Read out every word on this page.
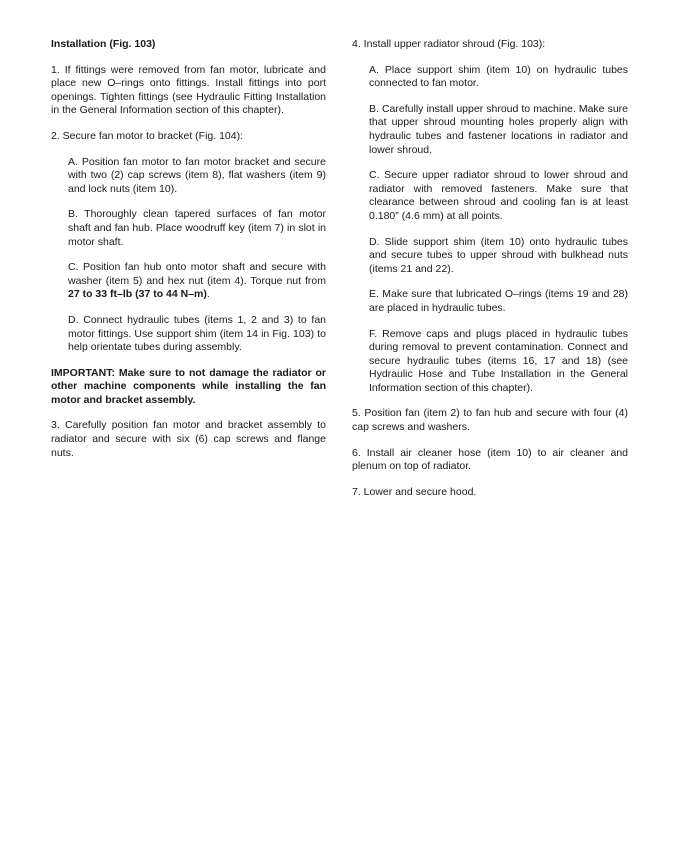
Installation (Fig. 103)

1. If fittings were removed from fan motor, lubricate and place new O–rings onto fittings. Install fittings into port openings. Tighten fittings (see Hydraulic Fitting Installation in the General Information section of this chapter).

2. Secure fan motor to bracket (Fig. 104):

A. Position fan motor to fan motor bracket and secure with two (2) cap screws (item 8), flat washers (item 9) and lock nuts (item 10).

B. Thoroughly clean tapered surfaces of fan motor shaft and fan hub. Place woodruff key (item 7) in slot in motor shaft.

C. Position fan hub onto motor shaft and secure with washer (item 5) and hex nut (item 4). Torque nut from 27 to 33 ft–lb (37 to 44 N–m).

D. Connect hydraulic tubes (items 1, 2 and 3) to fan motor fittings. Use support shim (item 14 in Fig. 103) to help orientate tubes during assembly.

IMPORTANT: Make sure to not damage the radiator or other machine components while installing the fan motor and bracket assembly.

3. Carefully position fan motor and bracket assembly to radiator and secure with six (6) cap screws and flange nuts.

4. Install upper radiator shroud (Fig. 103):

A. Place support shim (item 10) on hydraulic tubes connected to fan motor.

B. Carefully install upper shroud to machine. Make sure that upper shroud mounting holes properly align with hydraulic tubes and fastener locations in radiator and lower shroud.

C. Secure upper radiator shroud to lower shroud and radiator with removed fasteners. Make sure that clearance between shroud and cooling fan is at least 0.180” (4.6 mm) at all points.

D. Slide support shim (item 10) onto hydraulic tubes and secure tubes to upper shroud with bulkhead nuts (items 21 and 22).

E. Make sure that lubricated O–rings (items 19 and 28) are placed in hydraulic tubes.

F. Remove caps and plugs placed in hydraulic tubes during removal to prevent contamination. Connect and secure hydraulic tubes (items 16, 17 and 18) (see Hydraulic Hose and Tube Installation in the General Information section of this chapter).

5. Position fan (item 2) to fan hub and secure with four (4) cap screws and washers.

6. Install air cleaner hose (item 10) to air cleaner and plenum on top of radiator.

7. Lower and secure hood.
